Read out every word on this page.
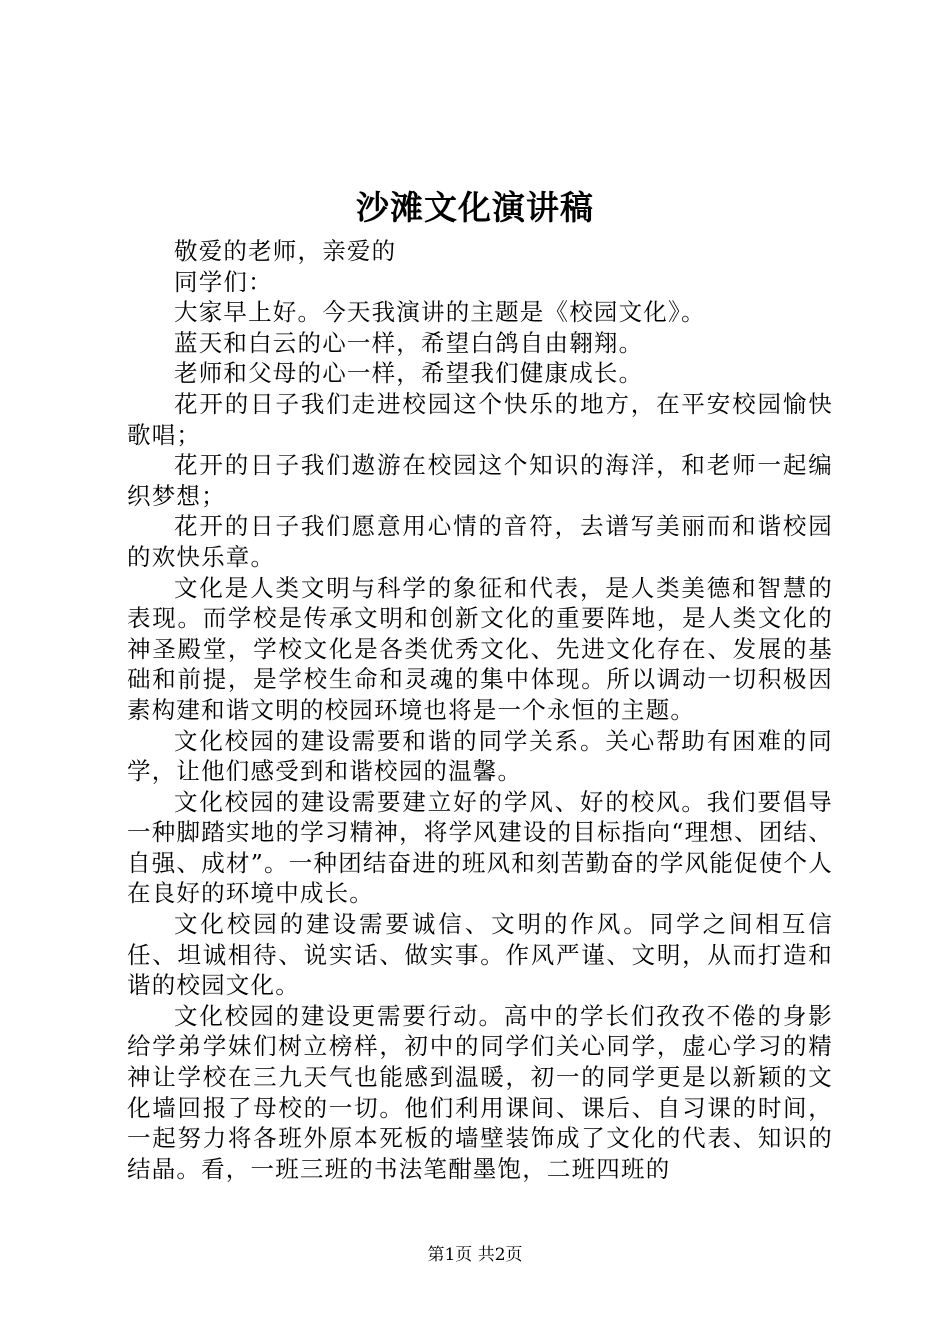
沙滩文化演讲稿

敬爱的老师，亲爱的

同学们：

大家早上好。今天我演讲的主题是《校园文化》。

蓝天和白云的心一样，希望白鸽自由翱翔。

老师和父母的心一样，希望我们健康成长。

花开的日子我们走进校园这个快乐的地方，在平安校园愉快歌唱；

花开的日子我们遨游在校园这个知识的海洋，和老师一起编织梦想；

花开的日子我们愿意用心情的音符，去谱写美丽而和谐校园的欢快乐章。

文化是人类文明与科学的象征和代表，是人类美德和智慧的表现。而学校是传承文明和创新文化的重要阵地，是人类文化的神圣殿堂，学校文化是各类优秀文化、先进文化存在、发展的基础和前提，是学校生命和灵魂的集中体现。所以调动一切积极因素构建和谐文明的校园环境也将是一个永恒的主题。

文化校园的建设需要和谐的同学关系。关心帮助有困难的同学，让他们感受到和谐校园的温馨。

文化校园的建设需要建立好的学风、好的校风。我们要倡导一种脚踏实地的学习精神，将学风建设的目标指向“理想、团结、自强、成材”。一种团结奋进的班风和刻苦勤奋的学风能促使个人在良好的环境中成长。

文化校园的建设需要诚信、文明的作风。同学之间相互信任、坦诚相待、说实话、做实事。作风严谨、文明，从而打造和谐的校园文化。

文化校园的建设更需要行动。高中的学长们孜孜不倦的身影给学弟学妹们树立榜样，初中的同学们关心同学，虚心学习的精神让学校在三九天气也能感到温暖，初一的同学更是以新颖的文化墙回报了母校的一切。他们利用课间、课后、自习课的时间，一起努力将各班外原本死板的墙壁装饰成了文化的代表、知识的结晶。看，一班三班的书法笔酣墨饱，二班四班的

第1页 共2页
